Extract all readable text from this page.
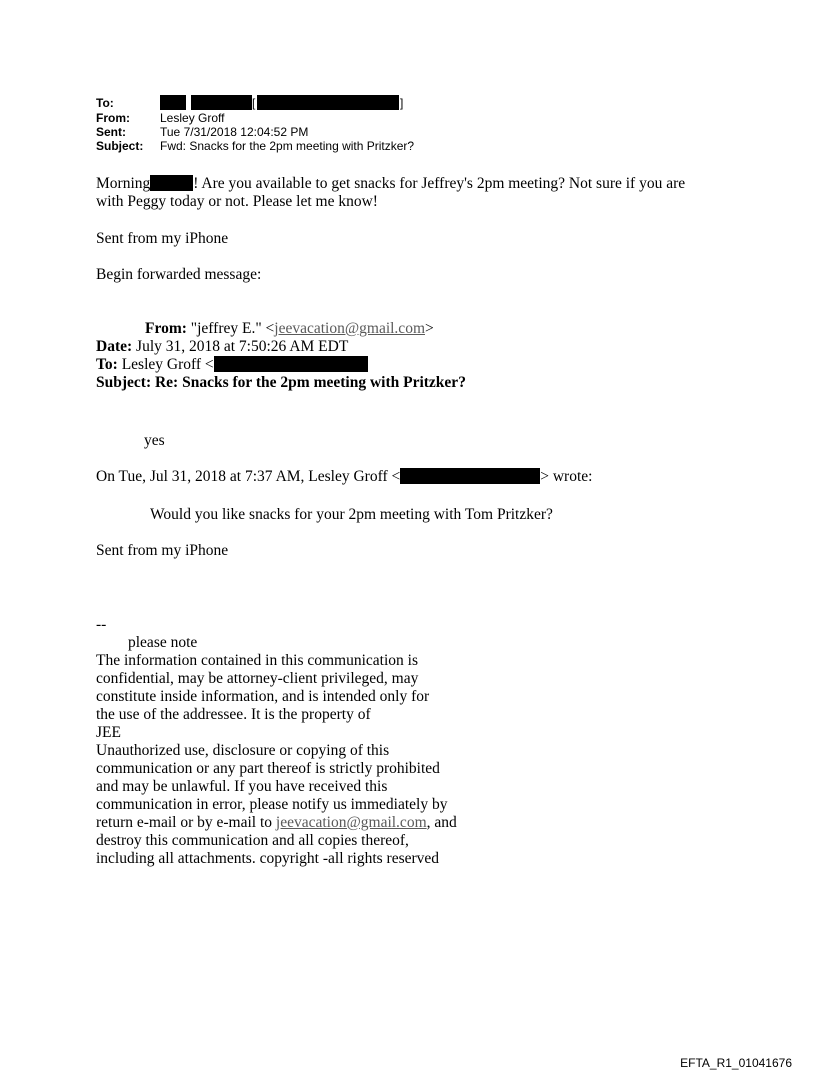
To:	[	]
From:	Lesley Groff
Sent:	Tue 7/31/2018 12:04:52 PM
Subject: Fwd: Snacks for the 2pm meeting with Pritzker?
Morning	! Are you available to get snacks for Jeffrey's 2pm meeting? Not sure if you are
with Peggy today or not. Please let me know!
Sent from my iPhone
Begin forwarded message:
From: "jeffrey E." <jeevacation@gmail.com>
Date: July 31, 2018 at 7:50:26 AM EDT
To: Lesley Groff <
Subject: Re: Snacks for the 2pm meeting with Pritzker?
yes
On Tue, Jul 31, 2018 at 7:37 AM, Lesley Groff <	> wrote:
Would you like snacks for your 2pm meeting with Tom Pritzker?
Sent from my iPhone
--
please note
The information contained in this communication is
confidential, may be attorney-client privileged, may
constitute inside information, and is intended only for
the use of the addressee. It is the property of
JEE
Unauthorized use, disclosure or copying of this
communication or any part thereof is strictly prohibited
and may be unlawful. If you have received this
communication in error, please notify us immediately by
return e-mail or by e-mail to jeevacation@gmail.com, and
destroy this communication and all copies thereof,
including all attachments. copyright -all rights reserved
EFTA_R1_01041676
